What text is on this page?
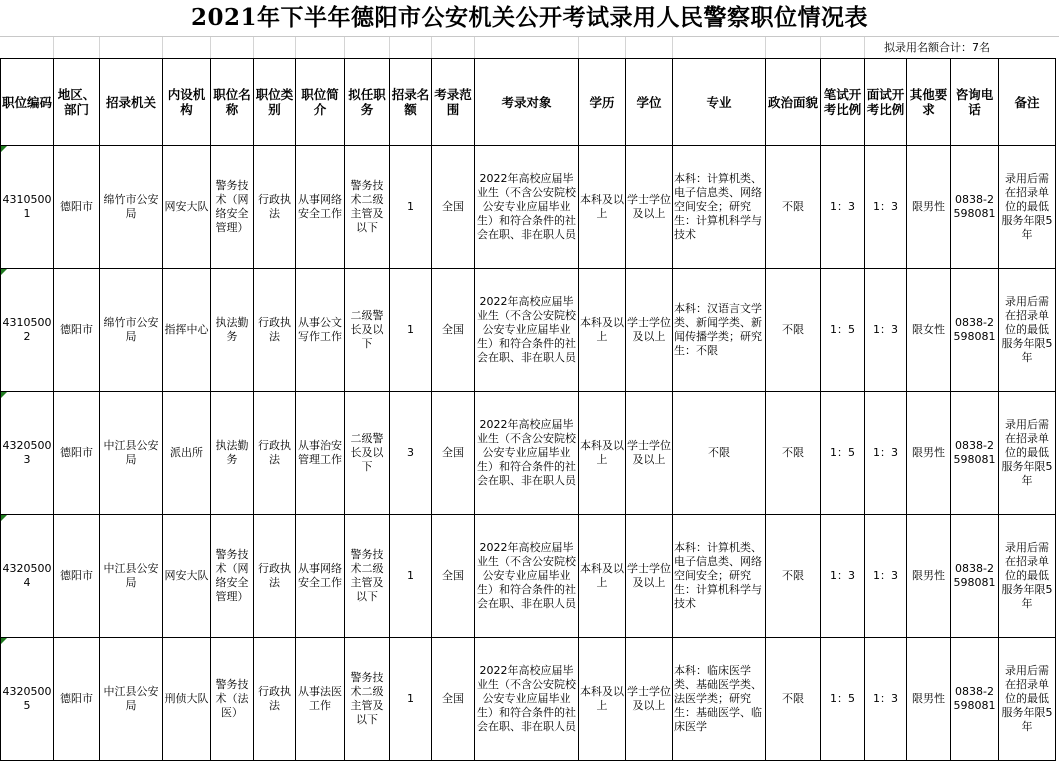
2021年下半年德阳市公安机关公开考试录用人民警察职位情况表
拟录用名额合计：7名
职位编码	地区、部门	招录机关	内设机构	职位名称	职位类别	职位简介	拟任职务	招录名额	考录范围	考录对象	学历	学位	专业	政治面貌	笔试开考比例	面试开考比例	其他要求	咨询电话	备注

43105001	德阳市	绵竹市公安局	网安大队	警务技术（网络安全管理）	行政执法	从事网络安全工作	警务技术二级主管及以下	1	全国	2022年高校应届毕业生（不含公安院校公安专业应届毕业生）和符合条件的社会在职、非在职人员	本科及以上	学士学位及以上	本科：计算机类、电子信息类、网络空间安全；研究生：计算机科学与技术	不限	1：3	1：3	限男性	0838-2598081	录用后需在招录单位的最低服务年限5年

43105002	德阳市	绵竹市公安局	指挥中心	执法勤务	行政执法	从事公文写作工作	二级警长及以下	1	全国	2022年高校应届毕业生（不含公安院校公安专业应届毕业生）和符合条件的社会在职、非在职人员	本科及以上	学士学位及以上	本科：汉语言文学类、新闻学类、新闻传播学类；研究生：不限	不限	1：5	1：3	限女性	0838-2598081	录用后需在招录单位的最低服务年限5年

43205003	德阳市	中江县公安局	派出所	执法勤务	行政执法	从事治安管理工作	二级警长及以下	3	全国	2022年高校应届毕业生（不含公安院校公安专业应届毕业生）和符合条件的社会在职、非在职人员	本科及以上	学士学位及以上	不限	不限	1：5	1：3	限男性	0838-2598081	录用后需在招录单位的最低服务年限5年

43205004	德阳市	中江县公安局	网安大队	警务技术（网络安全管理）	行政执法	从事网络安全工作	警务技术二级主管及以下	1	全国	2022年高校应届毕业生（不含公安院校公安专业应届毕业生）和符合条件的社会在职、非在职人员	本科及以上	学士学位及以上	本科：计算机类、电子信息类、网络空间安全；研究生：计算机科学与技术	不限	1：3	1：3	限男性	0838-2598081	录用后需在招录单位的最低服务年限5年

43205005	德阳市	中江县公安局	刑侦大队	警务技术（法医）	行政执法	从事法医工作	警务技术二级主管及以下	1	全国	2022年高校应届毕业生（不含公安院校公安专业应届毕业生）和符合条件的社会在职、非在职人员	本科及以上	学士学位及以上	本科：临床医学类、基础医学类、法医学类；研究生：基础医学、临床医学	不限	1：5	1：3	限男性	0838-2598081	录用后需在招录单位的最低服务年限5年
